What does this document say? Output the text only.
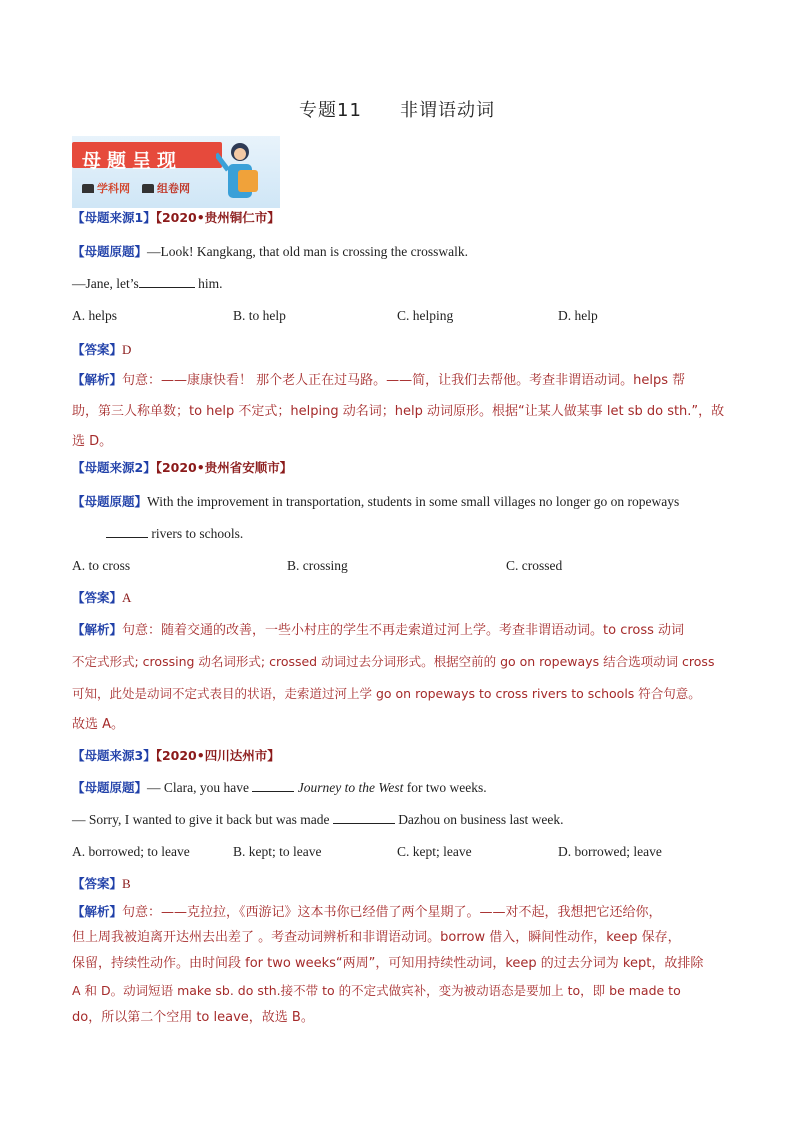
专题11　　非谓语动词
母题呈现
学科网	组卷网
【母题来源1】【2020•贵州铜仁市】
【母题原题】—Look! Kangkang, that old man is crossing the crosswalk.
—Jane, let’s	him.
A. helps	B. to help	C. helping	D. help
【答案】D
【解析】句意：——康康快看！ 那个老人正在过马路。——简，让我们去帮他。考查非谓语动词。helps 帮
助，第三人称单数；to help 不定式；helping 动名词；help 动词原形。根据“让某人做某事 let sb do sth.”，故
选 D。
【母题来源2】【2020•贵州省安顺市】
【母题原题】With the improvement in transportation, students in some small villages no longer go on ropeways
rivers to schools.
A. to cross	B. crossing	C. crossed
【答案】A
【解析】句意：随着交通的改善，一些小村庄的学生不再走索道过河上学。考查非谓语动词。to cross 动词
不定式形式; crossing 动名词形式; crossed 动词过去分词形式。根据空前的 go on ropeways 结合选项动词 cross
可知，此处是动词不定式表目的状语，走索道过河上学 go on ropeways to cross rivers to schools 符合句意。
故选 A。
【母题来源3】【2020•四川达州市】
【母题原题】— Clara, you have	Journey to the West for two weeks.
— Sorry, I wanted to give it back but was made	Dazhou on business last week.
A. borrowed; to leave	B. kept; to leave	C. kept; leave	D. borrowed; leave
【答案】B
【解析】句意：——克拉拉，《西游记》这本书你已经借了两个星期了。——对不起，我想把它还给你，
但上周我被迫离开达州去出差了 。考查动词辨析和非谓语动词。borrow 借入，瞬间性动作，keep 保存，
保留，持续性动作。由时间段 for two weeks“两周”，可知用持续性动词，keep 的过去分词为 kept，故排除
A 和 D。动词短语 make sb. do sth.接不带 to 的不定式做宾补，变为被动语态是要加上 to，即 be made to
do，所以第二个空用 to leave，故选 B。
